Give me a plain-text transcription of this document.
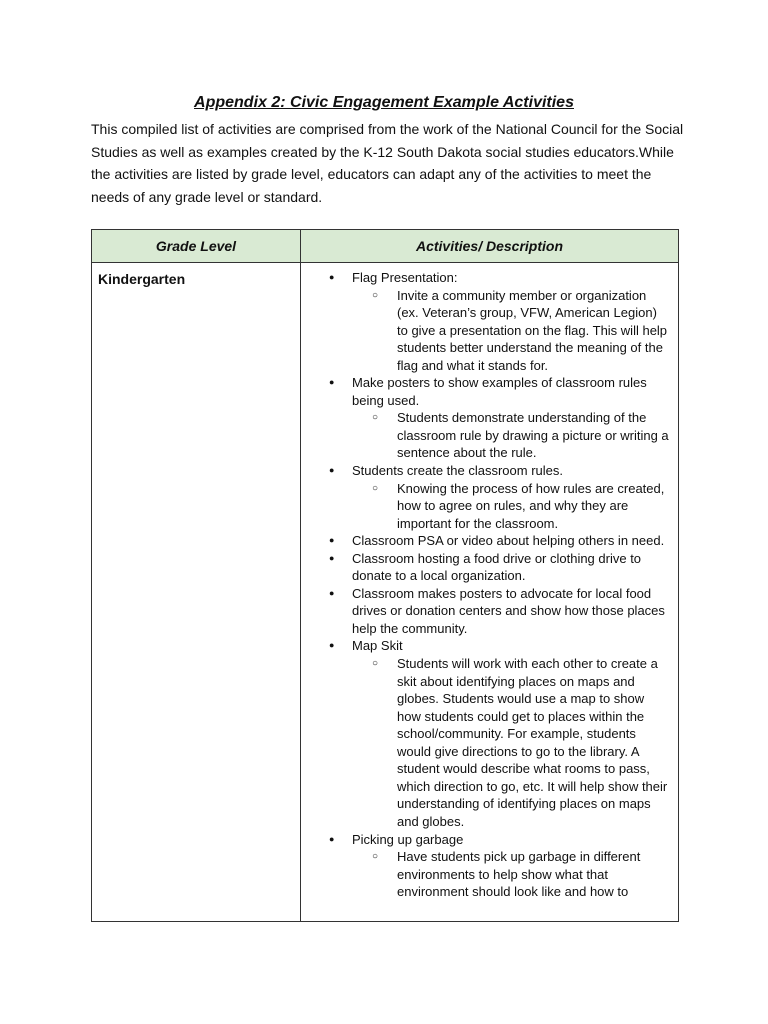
Appendix 2: Civic Engagement Example Activities
This compiled list of activities are comprised from the work of the National Council for the Social Studies as well as examples created by the K-12 South Dakota social studies educators.While the activities are listed by grade level, educators can adapt any of the activities to meet the needs of any grade level or standard.
Grade Level	Activities/ Description
Kindergarten
●	Flag Presentation:
○ Invite a community member or organization (ex. Veteran’s group, VFW, American Legion) to give a presentation on the flag. This will help students better understand the meaning of the flag and what it stands for.
● Make posters to show examples of classroom rules being used.
○ Students demonstrate understanding of the classroom rule by drawing a picture or writing a sentence about the rule.
● Students create the classroom rules.
○ Knowing the process of how rules are created, how to agree on rules, and why they are important for the classroom.
● Classroom PSA or video about helping others in need.
● Classroom hosting a food drive or clothing drive to donate to a local organization.
● Classroom makes posters to advocate for local food drives or donation centers and show how those places help the community.
● Map Skit
○ Students will work with each other to create a skit about identifying places on maps and globes. Students would use a map to show how students could get to places within the school/community. For example, students would give directions to go to the library. A student would describe what rooms to pass, which direction to go, etc. It will help show their understanding of identifying places on maps and globes.
● Picking up garbage
○ Have students pick up garbage in different environments to help show what that environment should look like and how to
